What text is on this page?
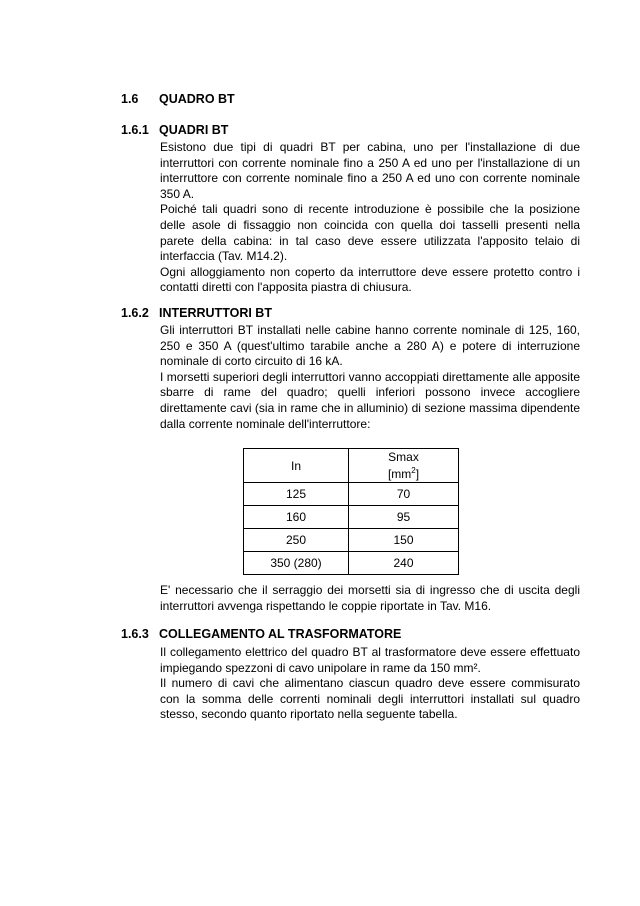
1.6 QUADRO BT
1.6.1 QUADRI BT

Esistono due tipi di quadri BT per cabina, uno per l'installazione di due interruttori con corrente nominale fino a 250 A ed uno per l'installazione di un interruttore con corrente nominale fino a 250 A ed uno con corrente nominale 350 A.

Poiché tali quadri sono di recente introduzione è possibile che la posizione delle asole di fissaggio non coincida con quella doi tasselli presenti nella parete della cabina: in tal caso deve essere utilizzata l'apposito telaio di interfaccia (Tav. M14.2).

Ogni alloggiamento non coperto da interruttore deve essere protetto contro i contatti diretti con l'apposita piastra di chiusura.

1.6.2 INTERRUTTORI BT

Gli interruttori BT installati nelle cabine hanno corrente nominale di 125, 160, 250 e 350 A (quest'ultimo tarabile anche a 280 A) e potere di interruzione nominale di corto circuito di 16 kA.

I morsetti superiori degli interruttori vanno accoppiati direttamente alle apposite sbarre di rame del quadro; quelli inferiori possono invece accogliere direttamente cavi (sia in rame che in alluminio) di sezione massima dipendente dalla corrente nominale dell'interruttore:

In	Smax
$[mm^2]$

125	70
160	95
250	150
350 (280)	240

E' necessario che il serraggio dei morsetti sia di ingresso che di uscita degli interruttori avvenga rispettando le coppie riportate in Tav. M16.

1.6.3 COLLEGAMENTO AL TRASFORMATORE

Il collegamento elettrico del quadro BT al trasformatore deve essere effettuato impiegando spezzoni di cavo unipolare in rame da 150 mm².

Il numero di cavi che alimentano ciascun quadro deve essere commisurato con la somma delle correnti nominali degli interruttori installati sul quadro stesso, secondo quanto riportato nella seguente tabella.
